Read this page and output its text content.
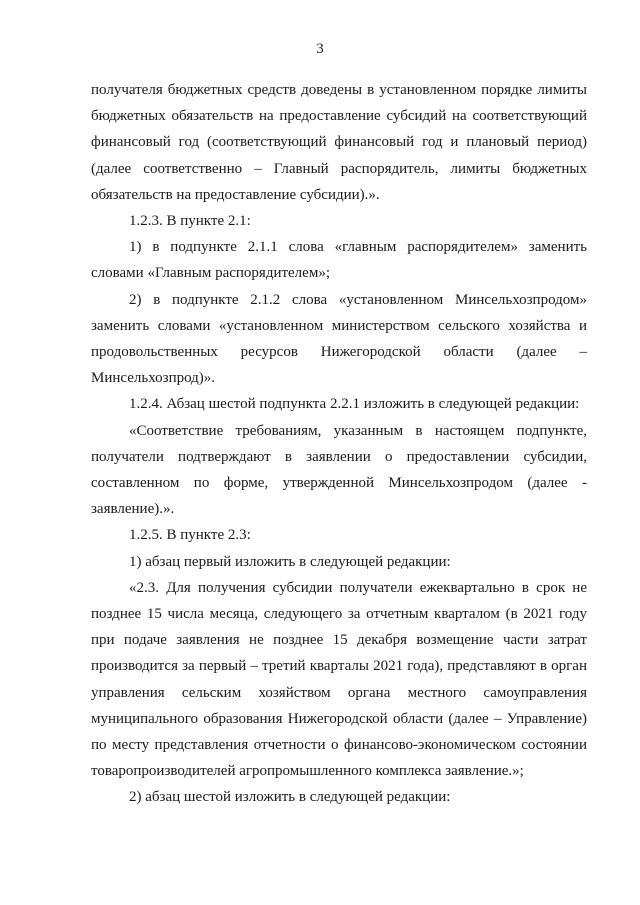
3

получателя бюджетных средств доведены в установленном порядке лимиты бюджетных обязательств на предоставление субсидий на соответствующий финансовый год (соответствующий финансовый год и плановый период) (далее соответственно – Главный распорядитель, лимиты бюджетных обязательств на предоставление субсидии).».

1.2.3. В пункте 2.1:

1) в подпункте 2.1.1 слова «главным распорядителем» заменить словами «Главным распорядителем»;

2) в подпункте 2.1.2 слова «установленном Минсельхозпродом» заменить словами «установленном министерством сельского хозяйства и продовольственных ресурсов Нижегородской области (далее – Минсельхозпрод)».

1.2.4. Абзац шестой подпункта 2.2.1 изложить в следующей редакции:

«Соответствие требованиям, указанным в настоящем подпункте, получатели подтверждают в заявлении о предоставлении субсидии, составленном по форме, утвержденной Минсельхозпродом (далее - заявление).».

1.2.5. В пункте 2.3:

1) абзац первый изложить в следующей редакции:

«2.3. Для получения субсидии получатели ежеквартально в срок не позднее 15 числа месяца, следующего за отчетным кварталом (в 2021 году при подаче заявления не позднее 15 декабря возмещение части затрат производится за первый – третий кварталы 2021 года), представляют в орган управления сельским хозяйством органа местного самоуправления муниципального образования Нижегородской области (далее – Управление) по месту представления отчетности о финансово-экономическом состоянии товаропроизводителей агропромышленного комплекса заявление.»;

2) абзац шестой изложить в следующей редакции:
